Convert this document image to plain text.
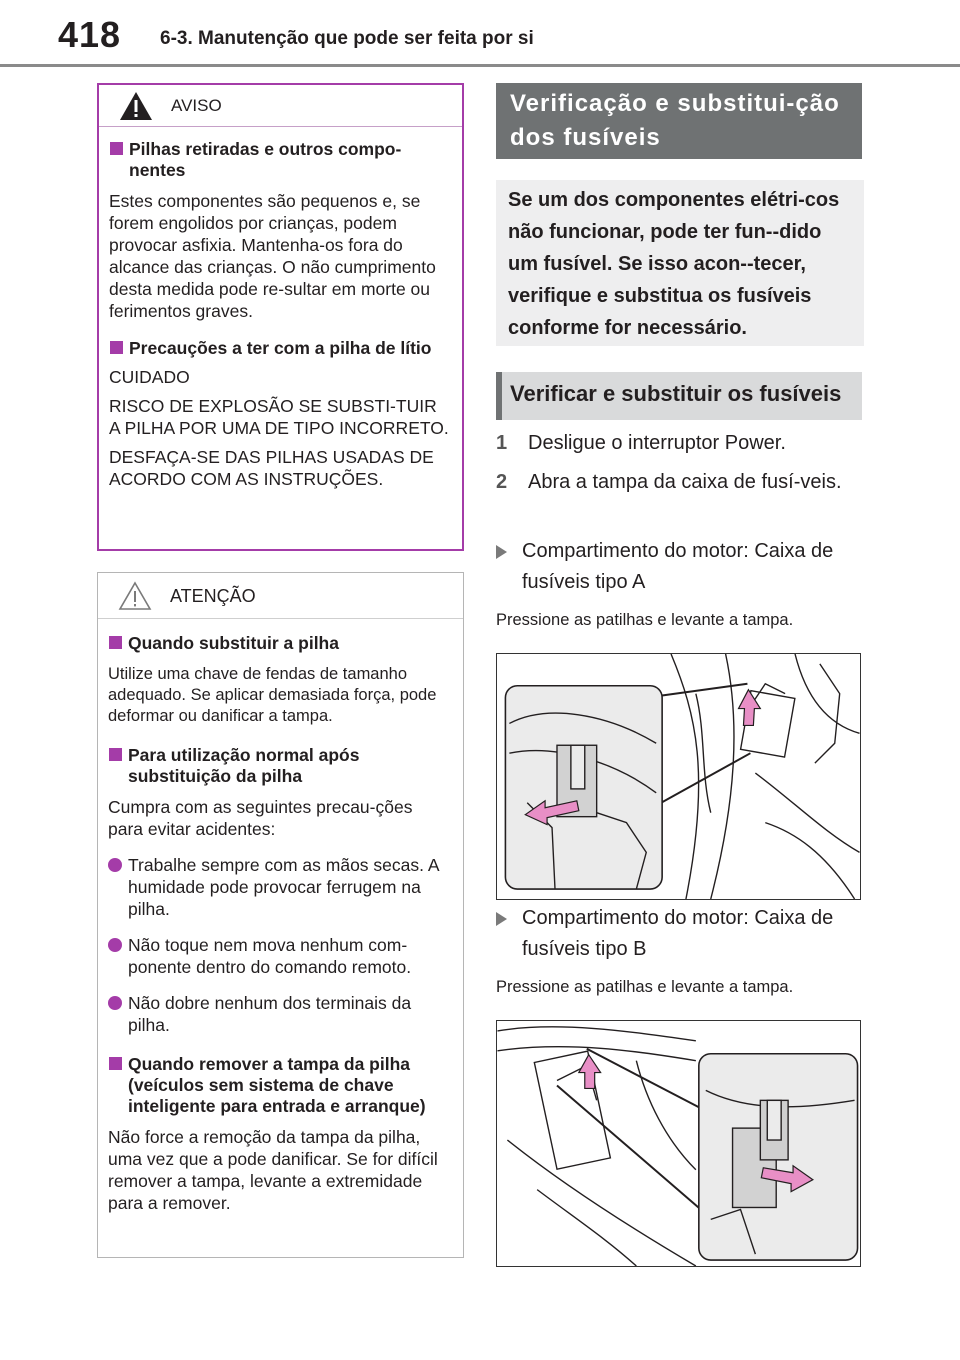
418 6-3. Manutenção que pode ser feita por si
AVISO
Pilhas retiradas e outros compo-
nentes
Estes componentes são pequenos e, se forem engolidos por crianças, podem provocar asfixia. Mantenha-os fora do alcance das crianças. O não cumprimento desta medida pode re-sultar em morte ou ferimentos graves.
Precauções a ter com a pilha de lítio
CUIDADO
RISCO DE EXPLOSÃO SE SUBSTI-TUIR A PILHA POR UMA DE TIPO INCORRETO.
DESFAÇA-SE DAS PILHAS USADAS DE ACORDO COM AS INSTRUÇÕES.
ATENÇÃO
Quando substituir a pilha
Utilize uma chave de fendas de tamanho adequado. Se aplicar demasiada força, pode deformar ou danificar a tampa.
Para utilização normal após substituição da pilha
Cumpra com as seguintes precau-ções para evitar acidentes:
Trabalhe sempre com as mãos secas. A humidade pode provocar ferrugem na pilha.
Não toque nem mova nenhum com-ponente dentro do comando remoto.
Não dobre nenhum dos terminais da pilha.
Quando remover a tampa da pilha (veículos sem sistema de chave inteligente para entrada e arranque)
Não force a remoção da tampa da pilha, uma vez que a pode danificar. Se for difícil remover a tampa, levante a extremidade para a remover.
Verificação e substitui-ção dos fusíveis
Se um dos componentes elétri-cos não funcionar, pode ter fun--dido um fusível. Se isso acon--tecer, verifique e substitua os fusíveis conforme for necessário.
Verificar e substituir os fusíveis
1	Desligue o interruptor Power.
2	Abra a tampa da caixa de fusí-veis.
Compartimento do motor: Caixa de fusíveis tipo A
Pressione as patilhas e levante a tampa.
Compartimento do motor: Caixa de fusíveis tipo B
Pressione as patilhas e levante a tampa.
